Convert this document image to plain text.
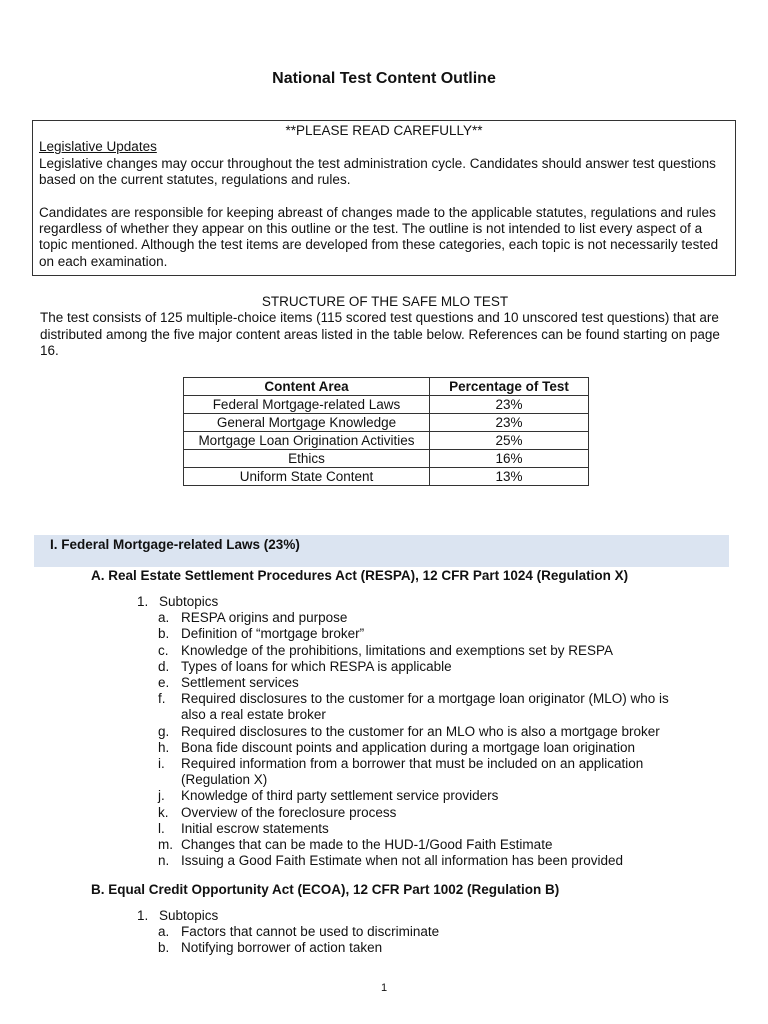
National Test Content Outline

**PLEASE READ CAREFULLY**

Legislative Updates

Legislative changes may occur throughout the test administration cycle. Candidates should answer test questions based on the current statutes, regulations and rules.

Candidates are responsible for keeping abreast of changes made to the applicable statutes, regulations and rules regardless of whether they appear on this outline or the test. The outline is not intended to list every aspect of a topic mentioned. Although the test items are developed from these categories, each topic is not necessarily tested on each examination.

STRUCTURE OF THE SAFE MLO TEST

The test consists of 125 multiple-choice items (115 scored test questions and 10 unscored test questions) that are distributed among the five major content areas listed in the table below. References can be found starting on page 16.

Content Area	Percentage of Test
Federal Mortgage-related Laws	23%
General Mortgage Knowledge	23%
Mortgage Loan Origination Activities	25%
Ethics	16%
Uniform State Content	13%
I. Federal Mortgage-related Laws (23%)
A. Real Estate Settlement Procedures Act (RESPA), 12 CFR Part 1024 (Regulation X)
1. Subtopics
a. RESPA origins and purpose
b. Definition of “mortgage broker”
c. Knowledge of the prohibitions, limitations and exemptions set by RESPA
d. Types of loans for which RESPA is applicable
e. Settlement services
f.	Required disclosures to the customer for a mortgage loan originator (MLO) who is also a real estate broker
g. Required disclosures to the customer for an MLO who is also a mortgage broker
h. Bona fide discount points and application during a mortgage loan origination
i.	Required information from a borrower that must be included on an application (Regulation X)
j.	Knowledge of third party settlement service providers
k. Overview of the foreclosure process
l.	Initial escrow statements
m. Changes that can be made to the HUD-1/Good Faith Estimate
n. Issuing a Good Faith Estimate when not all information has been provided
B. Equal Credit Opportunity Act (ECOA), 12 CFR Part 1002 (Regulation B)
1. Subtopics
a. Factors that cannot be used to discriminate
b. Notifying borrower of action taken
1
